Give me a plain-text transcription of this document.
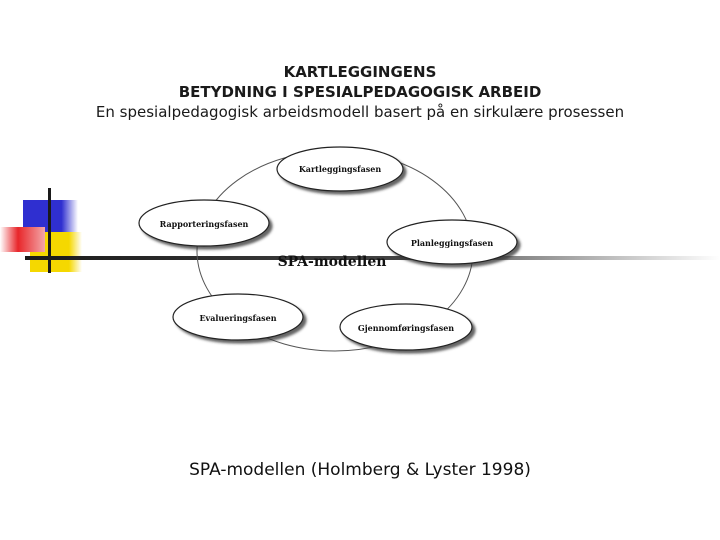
KARTLEGGINGENS
BETYDNING I SPESIALPEDAGOGISK ARBEID
En spesialpedagogisk arbeidsmodell basert på en sirkulære prosessen
Kartleggingsfasen
Planleggingsfasen
Gjennomføringsfasen
Evalueringsfasen
Rapporteringsfasen
SPA-modellen
SPA-modellen (Holmberg & Lyster 1998)
